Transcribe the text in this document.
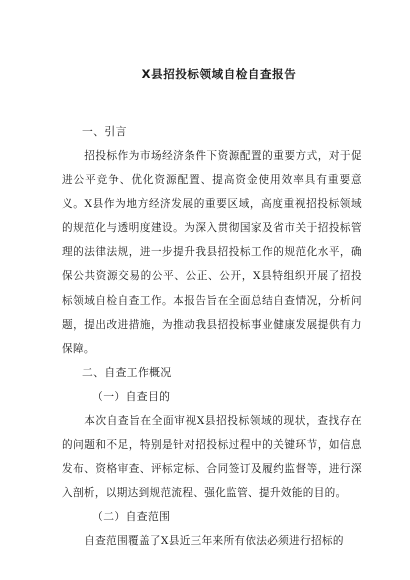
X县招投标领域自检自查报告
一、引言

招投标作为市场经济条件下资源配置的重要方式，对于促进公平竞争、优化资源配置、提高资金使用效率具有重要意义。X县作为地方经济发展的重要区域，高度重视招投标领域的规范化与透明度建设。为深入贯彻国家及省市关于招投标管理的法律法规，进一步提升我县招投标工作的规范化水平，确保公共资源交易的公平、公正、公开，X县特组织开展了招投标领域自检自查工作。本报告旨在全面总结自查情况，分析问题，提出改进措施，为推动我县招投标事业健康发展提供有力保障。

二、自查工作概况
（一）自查目的

本次自查旨在全面审视X县招投标领域的现状，查找存在的问题和不足，特别是针对招投标过程中的关键环节，如信息发布、资格审查、评标定标、合同签订及履约监督等，进行深入剖析，以期达到规范流程、强化监管、提升效能的目的。

（二）自查范围

自查范围覆盖了X县近三年来所有依法必须进行招标的
